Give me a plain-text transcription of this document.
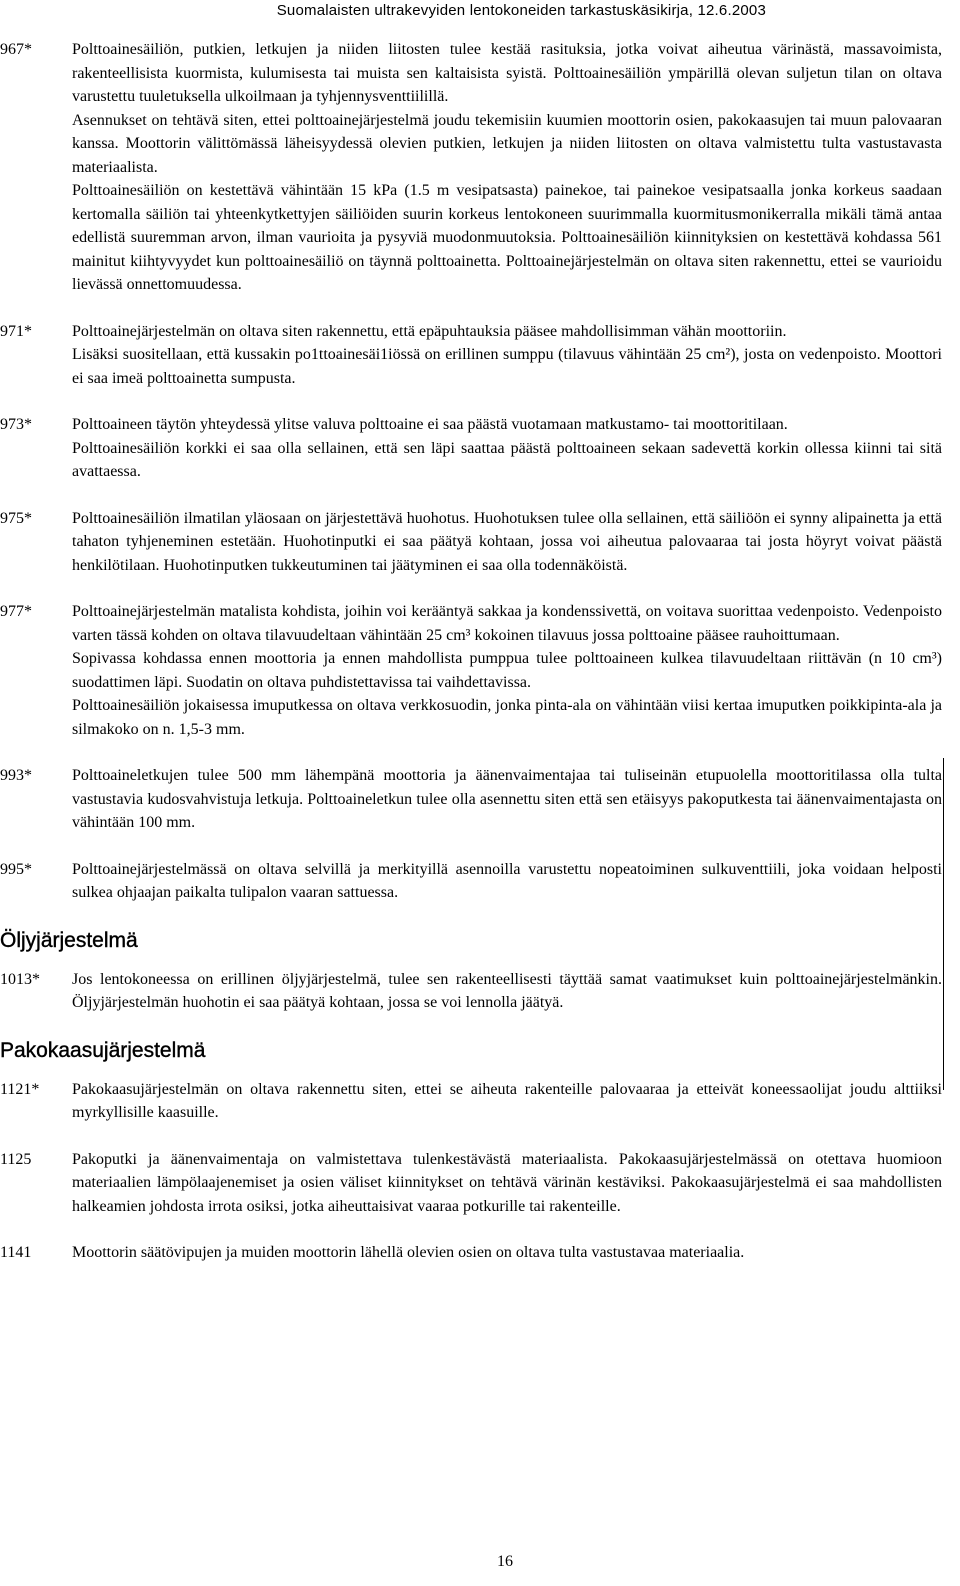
Suomalaisten ultrakevyiden lentokoneiden tarkastuskäsikirja, 12.6.2003
967*	Polttoainesäiliön, putkien, letkujen ja niiden liitosten tulee kestää rasituksia, jotka voivat aiheutua värinästä, massavoimista, rakenteellisista kuormista, kulumisesta tai muista sen kaltaisista syistä. Polttoainesäiliön ympärillä olevan suljetun tilan on oltava varustettu tuuletuksella ulkoilmaan ja tyhjennysventtiilillä.

Asennukset on tehtävä siten, ettei polttoainejärjestelmä joudu tekemisiin kuumien moottorin osien, pakokaasujen tai muun palovaaran kanssa. Moottorin välittömässä läheisyydessä olevien putkien, letkujen ja niiden liitosten on oltava valmistettu tulta vastustavasta materiaalista.

Polttoainesäiliön on kestettävä vähintään 15 kPa (1.5 m vesipatsasta) painekoe, tai painekoe vesipatsaalla jonka korkeus saadaan kertomalla säiliön tai yhteenkytkettyjen säiliöiden suurin korkeus lentokoneen suurimmalla kuormitusmonikerralla mikäli tämä antaa edellistä suuremman arvon, ilman vaurioita ja pysyviä muodonmuutoksia. Polttoainesäiliön kiinnityksien on kestettävä kohdassa 561 mainitut kiihtyvyydet kun polttoainesäiliö on täynnä polttoainetta. Polttoainejärjestelmän on oltava siten rakennettu, ettei se vaurioidu lievässä onnettomuudessa.

971*	Polttoainejärjestelmän on oltava siten rakennettu, että epäpuhtauksia pääsee mahdollisimman vähän moottoriin.

Lisäksi suositellaan, että kussakin po1ttoainesäi1iössä on erillinen sumppu (tilavuus vähintään 25 cm²), josta on vedenpoisto. Moottori ei saa imeä polttoainetta sumpusta.

973*	Polttoaineen täytön yhteydessä ylitse valuva polttoaine ei saa päästä vuotamaan matkustamo- tai moottoritilaan.

Polttoainesäiliön korkki ei saa olla sellainen, että sen läpi saattaa päästä polttoaineen sekaan sadevettä korkin ollessa kiinni tai sitä avattaessa.

975*	Polttoainesäiliön ilmatilan yläosaan on järjestettävä huohotus. Huohotuksen tulee olla sellainen, että säiliöön ei synny alipainetta ja että tahaton tyhjeneminen estetään. Huohotinputki ei saa päätyä kohtaan, jossa voi aiheutua palovaaraa tai josta höyryt voivat päästä henkilötilaan. Huohotinputken tukkeutuminen tai jäätyminen ei saa olla todennäköistä.

977*	Polttoainejärjestelmän matalista kohdista, joihin voi kerääntyä sakkaa ja kondenssivettä, on voitava suorittaa vedenpoisto. Vedenpoisto varten tässä kohden on oltava tilavuudeltaan vähintään 25 cm³ kokoinen tilavuus jossa polttoaine pääsee rauhoittumaan.

Sopivassa kohdassa ennen moottoria ja ennen mahdollista pumppua tulee polttoaineen kulkea tilavuudeltaan riittävän (n 10 cm³) suodattimen läpi. Suodatin on oltava puhdistettavissa tai vaihdettavissa.

Polttoainesäiliön jokaisessa imuputkessa on oltava verkkosuodin, jonka pinta-ala on vähintään viisi kertaa imuputken poikkipinta-ala ja silmakoko on n. 1,5-3 mm.

993*	Polttoaineletkujen tulee 500 mm lähempänä moottoria ja äänenvaimentajaa tai tuliseinän etupuolella moottoritilassa olla tulta vastustavia kudosvahvistuja letkuja. Polttoaineletkun tulee olla asennettu siten että sen etäisyys pakoputkesta tai äänenvaimentajasta on vähintään 100 mm.

995*	Polttoainejärjestelmässä on oltava selvillä ja merkityillä asennoilla varustettu nopeatoiminen sulkuventtiili, joka voidaan helposti sulkea ohjaajan paikalta tulipalon vaaran sattuessa.

Öljyjärjestelmä
1013* Jos lentokoneessa on erillinen öljyjärjestelmä, tulee sen rakenteellisesti täyttää samat vaatimukset kuin polttoainejärjestelmänkin. Öljyjärjestelmän huohotin ei saa päätyä kohtaan, jossa se voi lennolla jäätyä.

Pakokaasujärjestelmä
1121* Pakokaasujärjestelmän on oltava rakennettu siten, ettei se aiheuta rakenteille palovaaraa ja etteivät koneessaolijat joudu alttiiksi myrkyllisille kaasuille.

1125	Pakoputki ja äänenvaimentaja on valmistettava tulenkestävästä materiaalista. Pakokaasujärjestelmässä on otettava huomioon materiaalien lämpölaajenemiset ja osien väliset kiinnitykset on tehtävä värinän kestäviksi. Pakokaasujärjestelmä ei saa mahdollisten halkeamien johdosta irrota osiksi, jotka aiheuttaisivat vaaraa potkurille tai rakenteille.

1141	Moottorin säätövipujen ja muiden moottorin lähellä olevien osien on oltava tulta vastustavaa materiaalia.

16
